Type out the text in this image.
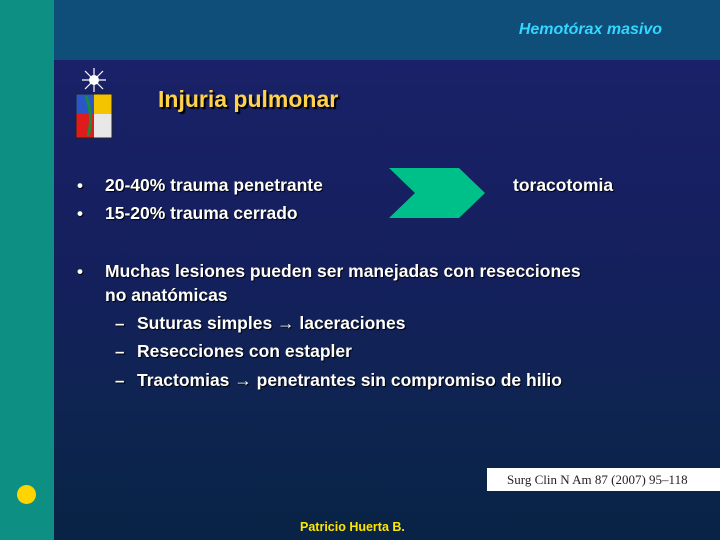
Hemotórax masivo
Injuria pulmonar
• 20-40% trauma penetrante	toracotomia
• 15-20% trauma cerrado
• Muchas lesiones pueden ser manejadas con resecciones
no anatómicas
– Suturas simples → laceraciones
– Resecciones con estapler
– Tractomias → penetrantes sin compromiso de hilio
Surg Clin N Am 87 (2007) 95–118
Patricio Huerta B.
